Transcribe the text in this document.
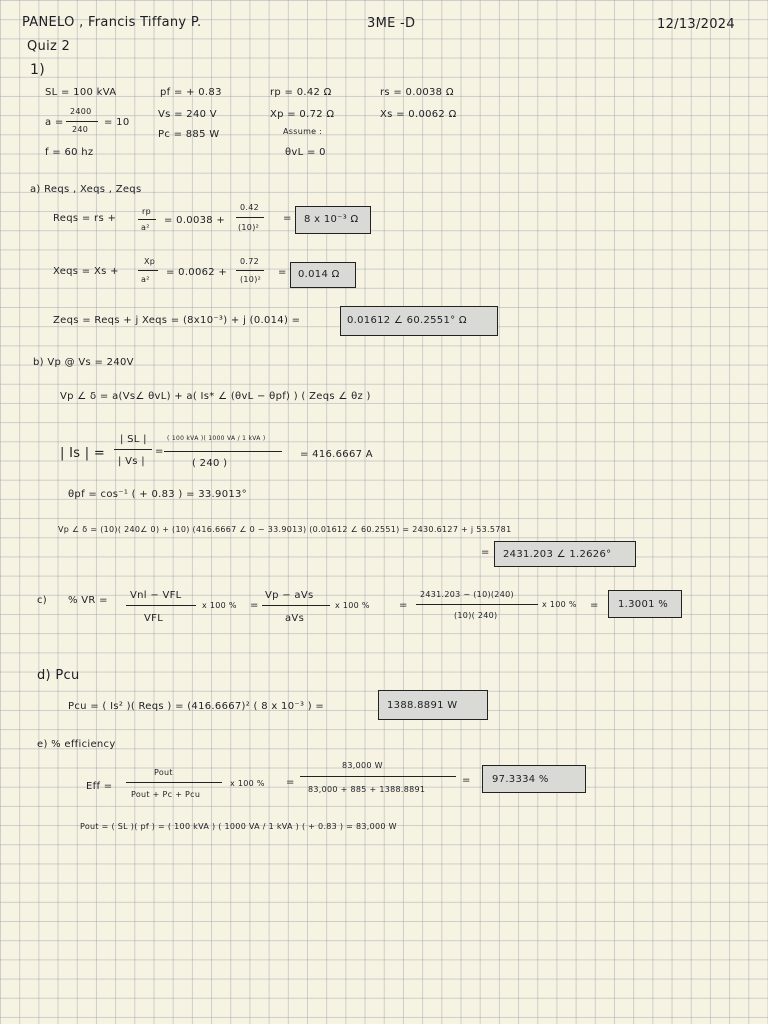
PANELO , Francis Tiffany P.	3ME -D	12/13/2024
Quiz 2
1)
SL = 100 kVA
a =
2400
240
= 10
f = 60 hz
pf = + 0.83
Vs = 240 V
Pc = 885 W
rp = 0.42 Ω
Xp = 0.72 Ω
Assume :
θvL = 0
rs = 0.0038 Ω
Xs = 0.0062 Ω
a) Reqs , Xeqs , Zeqs
Reqs = rs +
rp
a²
= 0.0038 +
0.42
(10)²
= 8 x 10⁻³ Ω
Xeqs = Xs +
Xp
a²
= 0.0062 +
0.72
(10)²
= 0.014 Ω
Zeqs = Reqs + j Xeqs = (8x10⁻³) + j (0.014) =	0.01612 ∠ 60.2551° Ω
b) Vp @ Vs = 240V
Vp ∠ δ = a(Vs∠ θvL) + a( Is* ∠ (θvL − θpf) ) ( Zeqs ∠ θz )
| Is | =
| SL |
| Vs |
=
( 100 kVA )( 1000 VA / 1 kVA )
( 240 )
= 416.6667 A
θpf = cos⁻¹ ( + 0.83 ) = 33.9013°
Vp ∠ δ = (10)( 240∠ 0) + (10) (416.6667 ∠ 0 − 33.9013) (0.01612 ∠ 60.2551) = 2430.6127 + j 53.5781
= 2431.203 ∠ 1.2626°
c) % VR = Vnl − VFL
VFL
x 100 % =
Vp − aVs
aVs
x 100 %	=
2431.203 − (10)(240)
(10)( 240)
x 100 % = 1.3001 %
d) Pcu
Pcu = ( Is² )( Reqs ) = (416.6667)² ( 8 x 10⁻³ ) =	1388.8891 W
e) % efficiency
Eff =
Pout
Pout + Pc + Pcu
x 100 % =
83,000 W
83,000 + 885 + 1388.8891
= 97.3334 %
Pout = ( SL )( pf ) = ( 100 kVA ) ( 1000 VA / 1 kVA ) ( + 0.83 ) = 83,000 W
